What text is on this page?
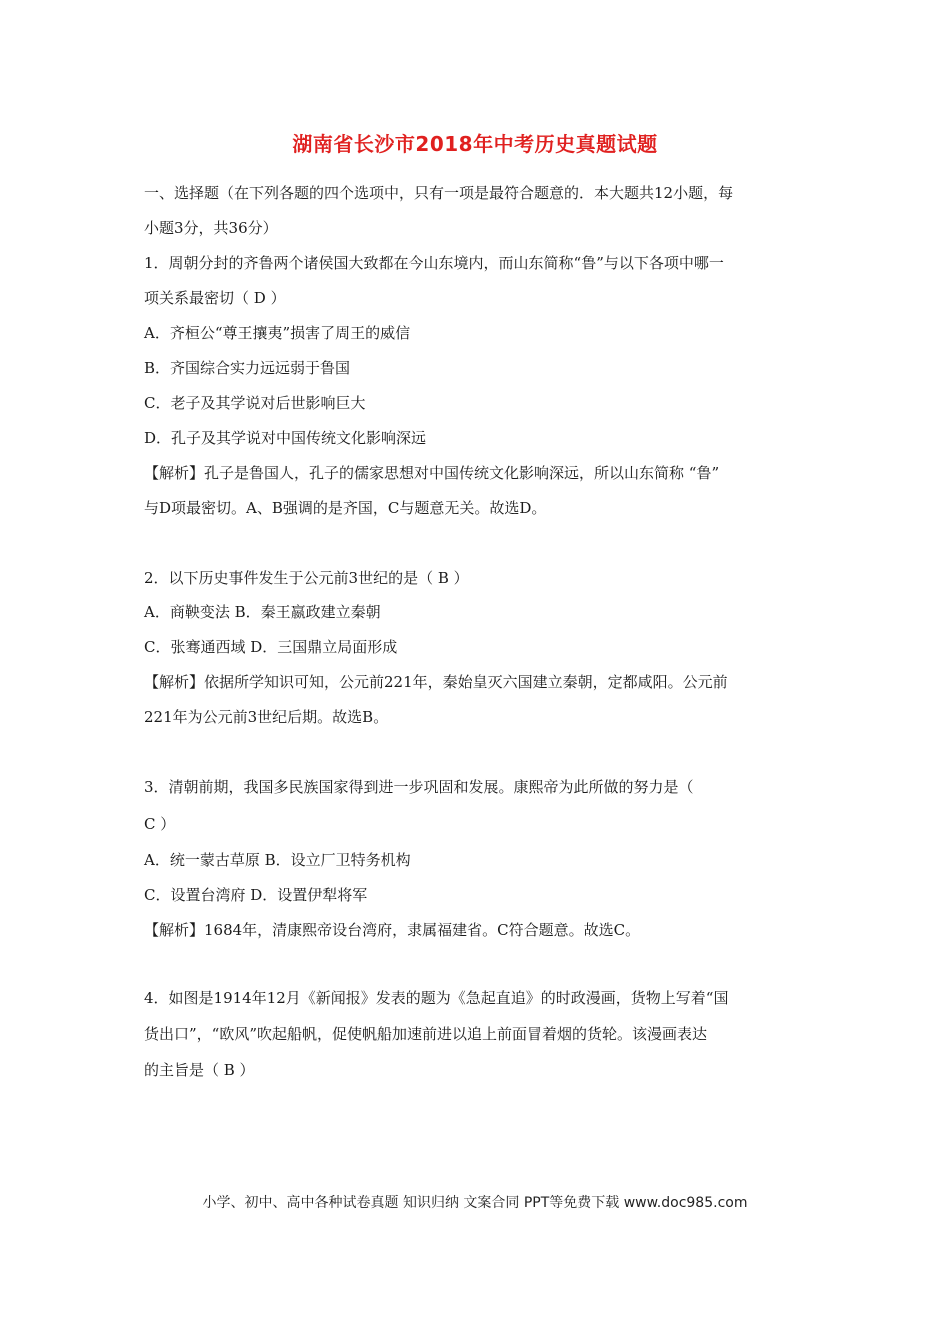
湖南省长沙市2018年中考历史真题试题
一、选择题（在下列各题的四个选项中，只有一项是最符合题意的．本大题共12小题，每
小题3分，共36分）
1．周朝分封的齐鲁两个诸侯国大致都在今山东境内，而山东简称“鲁”与以下各项中哪一
项关系最密切（ D ）
A．齐桓公“尊王攘夷”损害了周王的威信
B．齐国综合实力远远弱于鲁国
C．老子及其学说对后世影响巨大
D．孔子及其学说对中国传统文化影响深远
【解析】孔子是鲁国人，孔子的儒家思想对中国传统文化影响深远，所以山东简称 “鲁”
与D项最密切。A、B强调的是齐国，C与题意无关。故选D。
2．以下历史事件发生于公元前3世纪的是（ B ）
A．商鞅变法 B．秦王嬴政建立秦朝
C．张骞通西域 D．三国鼎立局面形成
【解析】依据所学知识可知，公元前221年，秦始皇灭六国建立秦朝，定都咸阳。公元前
221年为公元前3世纪后期。故选B。
3．清朝前期，我国多民族国家得到进一步巩固和发展。康熙帝为此所做的努力是（
C ）
A．统一蒙古草原 B．设立厂卫特务机构
C．设置台湾府 D．设置伊犁将军
【解析】1684年，清康熙帝设台湾府，隶属福建省。C符合题意。故选C。
4．如图是1914年12月《新闻报》发表的题为《急起直追》的时政漫画，货物上写着“国
货出口”，“欧风”吹起船帆，促使帆船加速前进以追上前面冒着烟的货轮。该漫画表达
的主旨是（ B ）
小学、初中、高中各种试卷真题 知识归纳 文案合同 PPT等免费下载 www.doc985.com
